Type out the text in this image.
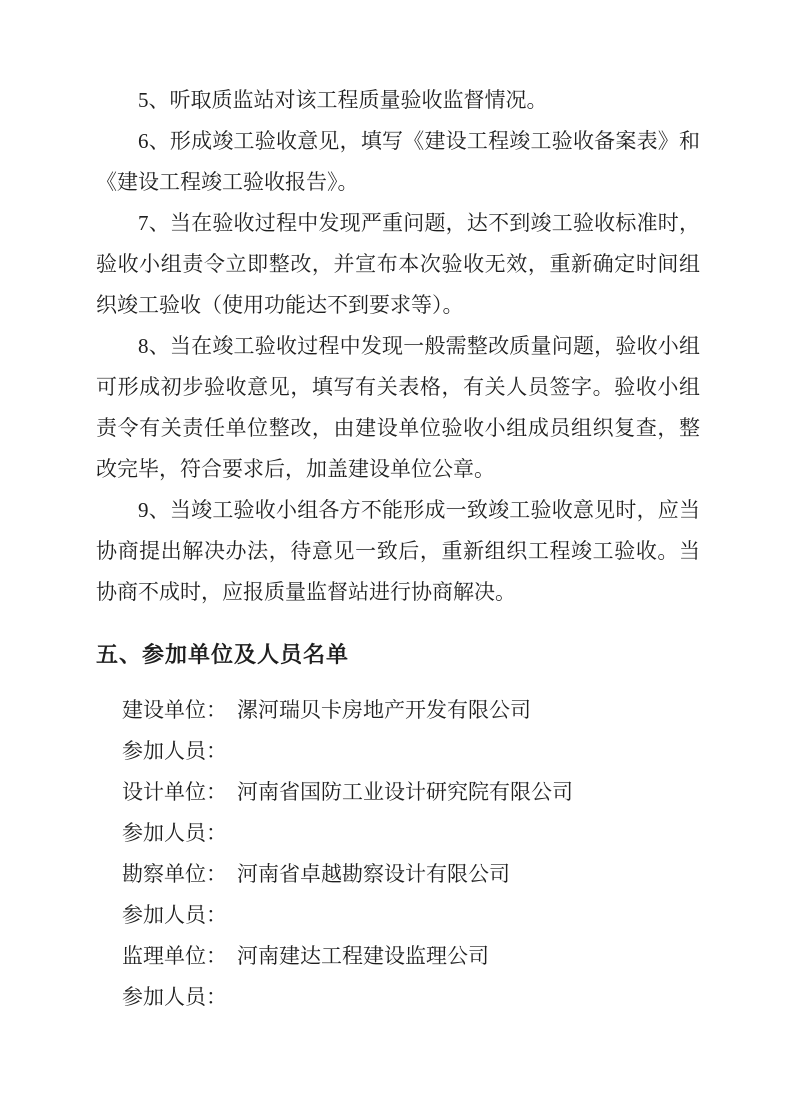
5、听取质监站对该工程质量验收监督情况。

6、形成竣工验收意见，填写《建设工程竣工验收备案表》和《建设工程竣工验收报告》。

7、当在验收过程中发现严重问题，达不到竣工验收标准时，验收小组责令立即整改，并宣布本次验收无效，重新确定时间组织竣工验收（使用功能达不到要求等）。

8、当在竣工验收过程中发现一般需整改质量问题，验收小组可形成初步验收意见，填写有关表格，有关人员签字。验收小组责令有关责任单位整改，由建设单位验收小组成员组织复查，整改完毕，符合要求后，加盖建设单位公章。

9、当竣工验收小组各方不能形成一致竣工验收意见时，应当协商提出解决办法，待意见一致后，重新组织工程竣工验收。当协商不成时，应报质量监督站进行协商解决。

五、参加单位及人员名单

建设单位： 漯河瑞贝卡房地产开发有限公司

参加人员：

设计单位： 河南省国防工业设计研究院有限公司

参加人员：

勘察单位： 河南省卓越勘察设计有限公司

参加人员：

监理单位： 河南建达工程建设监理公司

参加人员：
